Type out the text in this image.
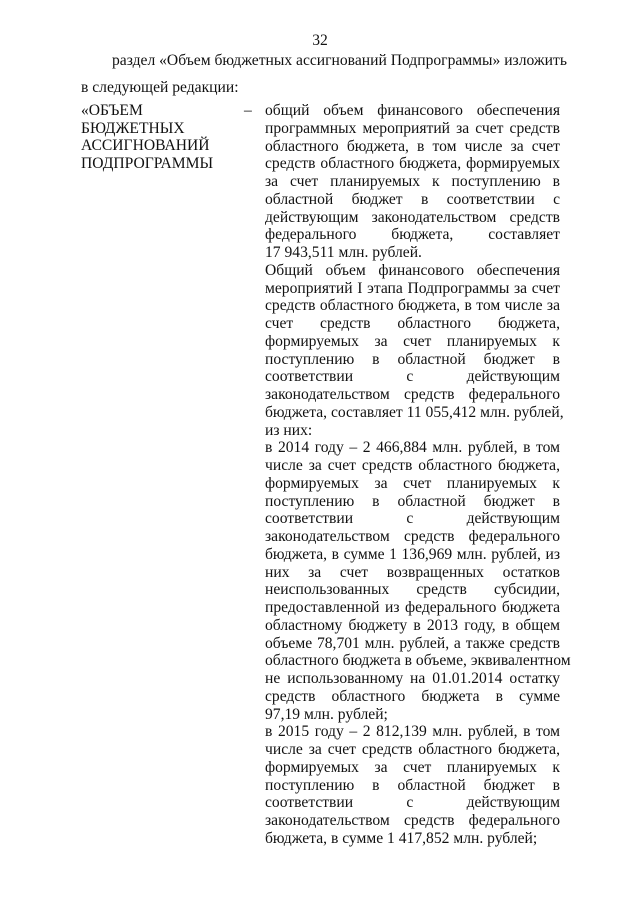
32
раздел «Объем бюджетных ассигнований Подпрограммы» изложить
в следующей редакции:
«ОБЪЕМ
БЮДЖЕТНЫХ
АССИГНОВАНИЙ
ПОДПРОГРАММЫ
– общий объем финансового обеспечения
программных мероприятий за счет средств
областного бюджета, в том числе за счет
средств областного бюджета, формируемых
за счет планируемых к поступлению в
областной бюджет в соответствии с
действующим законодательством средств
федерального бюджета, составляет
17 943,511 млн. рублей.
Общий объем финансового обеспечения
мероприятий I этапа Подпрограммы за счет
средств областного бюджета, в том числе за
счет средств областного бюджета,
формируемых за счет планируемых к
поступлению в областной бюджет в
соответствии с действующим
законодательством средств федерального
бюджета, составляет 11 055,412 млн. рублей,
из них:
в 2014 году – 2 466,884 млн. рублей, в том
числе за счет средств областного бюджета,
формируемых за счет планируемых к
поступлению в областной бюджет в
соответствии с действующим
законодательством средств федерального
бюджета, в сумме 1 136,969 млн. рублей, из
них за счет возвращенных остатков
неиспользованных средств субсидии,
предоставленной из федерального бюджета
областному бюджету в 2013 году, в общем
объеме 78,701 млн. рублей, а также средств
областного бюджета в объеме, эквивалентном
не использованному на 01.01.2014 остатку
средств областного бюджета в сумме
97,19 млн. рублей;
в 2015 году – 2 812,139 млн. рублей, в том
числе за счет средств областного бюджета,
формируемых за счет планируемых к
поступлению в областной бюджет в
соответствии с действующим
законодательством средств федерального
бюджета, в сумме 1 417,852 млн. рублей;
